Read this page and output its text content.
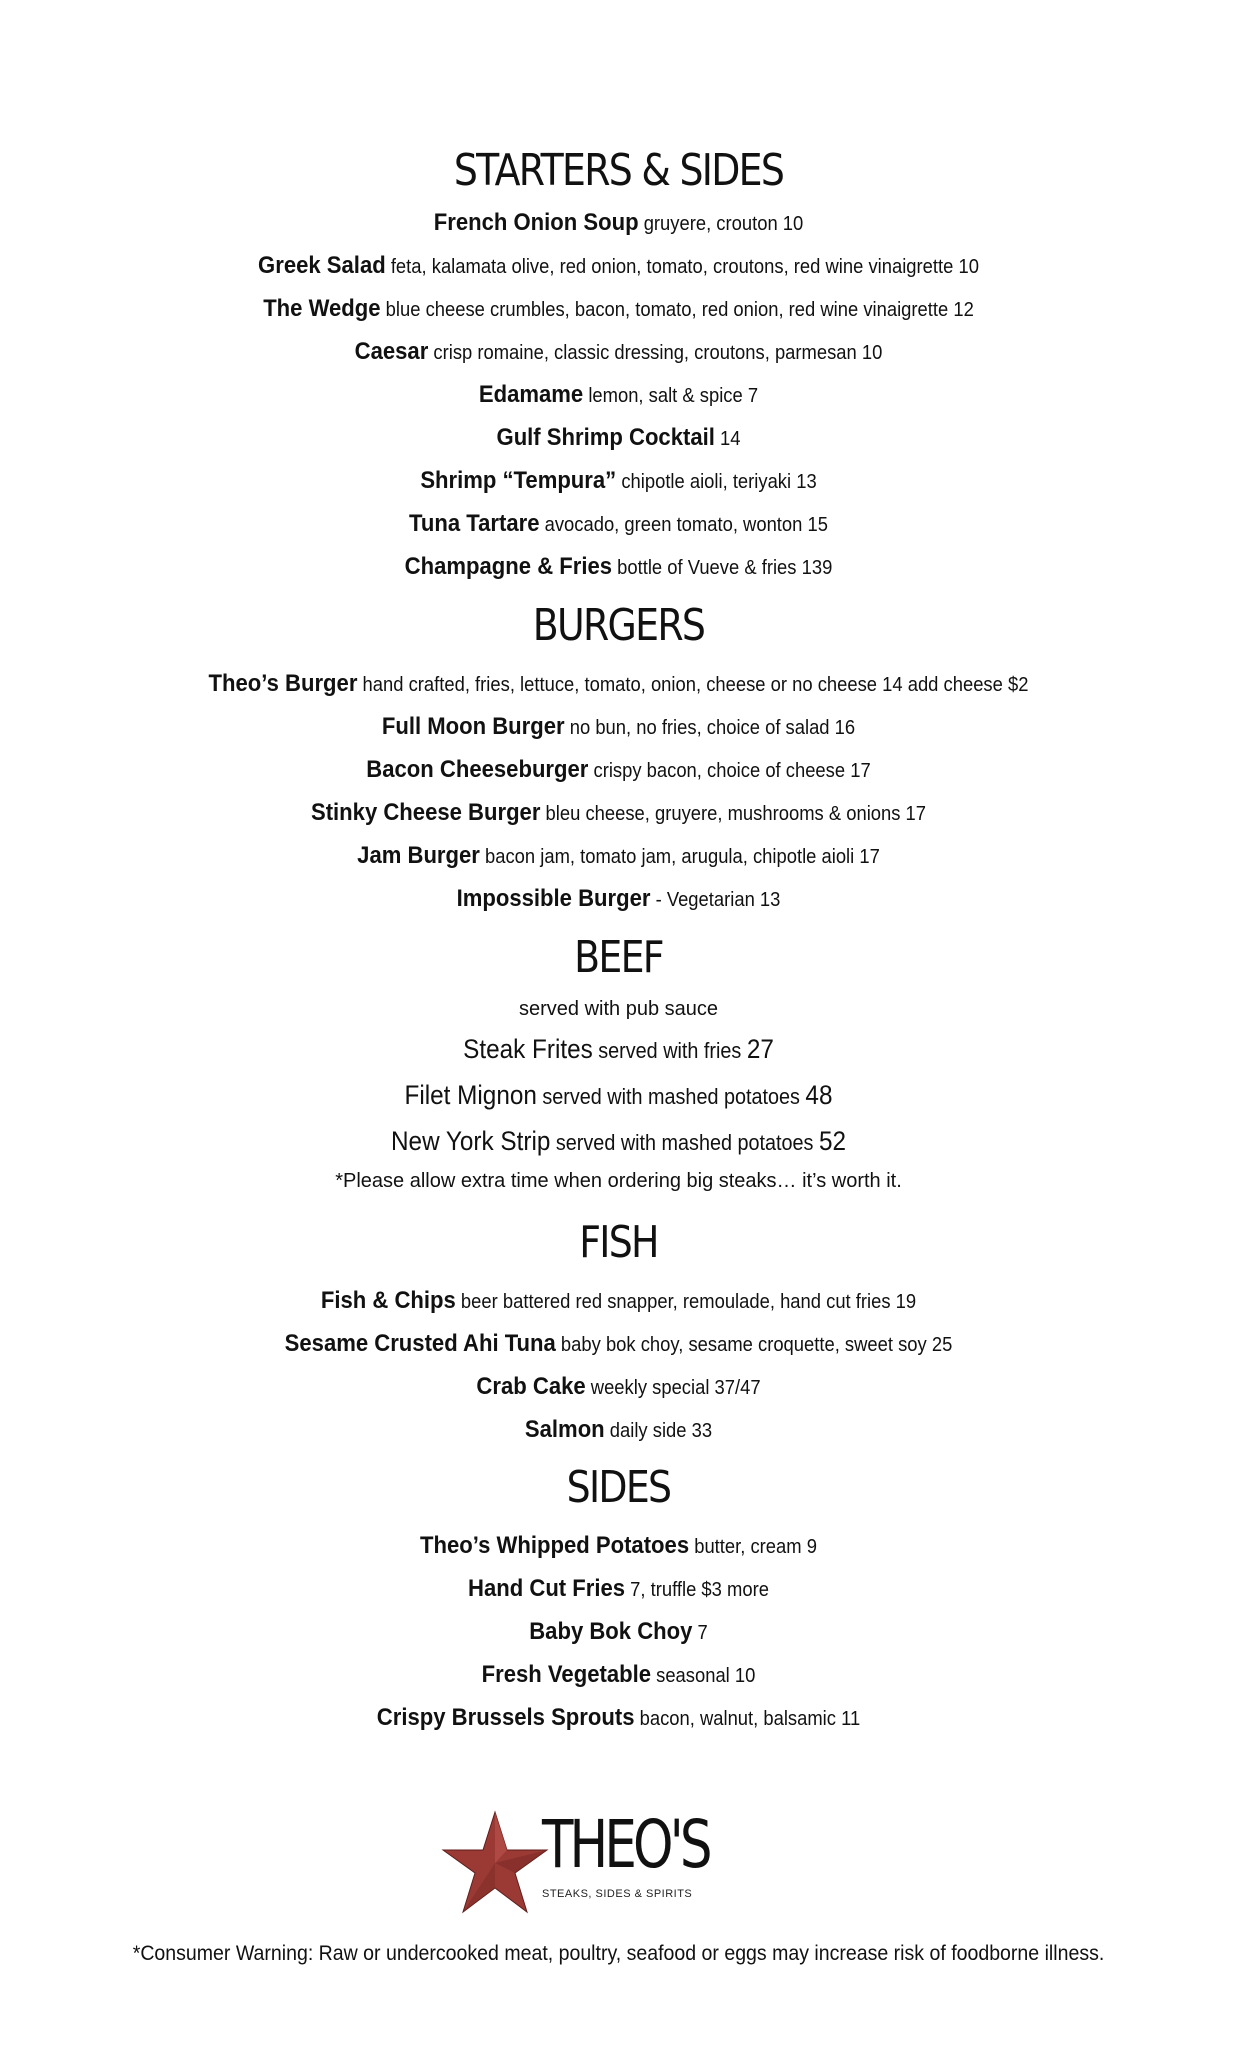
STARTERS & SIDES
French Onion Soup gruyere, crouton 10
Greek Salad feta, kalamata olive, red onion, tomato, croutons, red wine vinaigrette 10
The Wedge blue cheese crumbles, bacon, tomato, red onion, red wine vinaigrette 12
Caesar crisp romaine, classic dressing, croutons, parmesan 10
Edamame lemon, salt & spice 7
Gulf Shrimp Cocktail 14
Shrimp “Tempura” chipotle aioli, teriyaki 13
Tuna Tartare avocado, green tomato, wonton 15
Champagne & Fries bottle of Vueve & fries 139
BURGERS
Theo’s Burger hand crafted, fries, lettuce, tomato, onion, cheese or no cheese 14 add cheese $2
Full Moon Burger no bun, no fries, choice of salad 16
Bacon Cheeseburger crispy bacon, choice of cheese 17
Stinky Cheese Burger bleu cheese, gruyere, mushrooms & onions 17
Jam Burger bacon jam, tomato jam, arugula, chipotle aioli 17
Impossible Burger - Vegetarian 13
BEEF
served with pub sauce
Steak Frites served with fries 27
Filet Mignon served with mashed potatoes 48
New York Strip served with mashed potatoes 52
*Please allow extra time when ordering big steaks… it’s worth it.
FISH
Fish & Chips beer battered red snapper, remoulade, hand cut fries 19
Sesame Crusted Ahi Tuna baby bok choy, sesame croquette, sweet soy 25
Crab Cake weekly special 37/47
Salmon daily side 33
SIDES
Theo’s Whipped Potatoes butter, cream 9
Hand Cut Fries 7, truffle $3 more
Baby Bok Choy 7
Fresh Vegetable seasonal 10
Crispy Brussels Sprouts bacon, walnut, balsamic 11
THEO'S
STEAKS, SIDES & SPIRITS
*Consumer Warning: Raw or undercooked meat, poultry, seafood or eggs may increase risk of foodborne illness.
